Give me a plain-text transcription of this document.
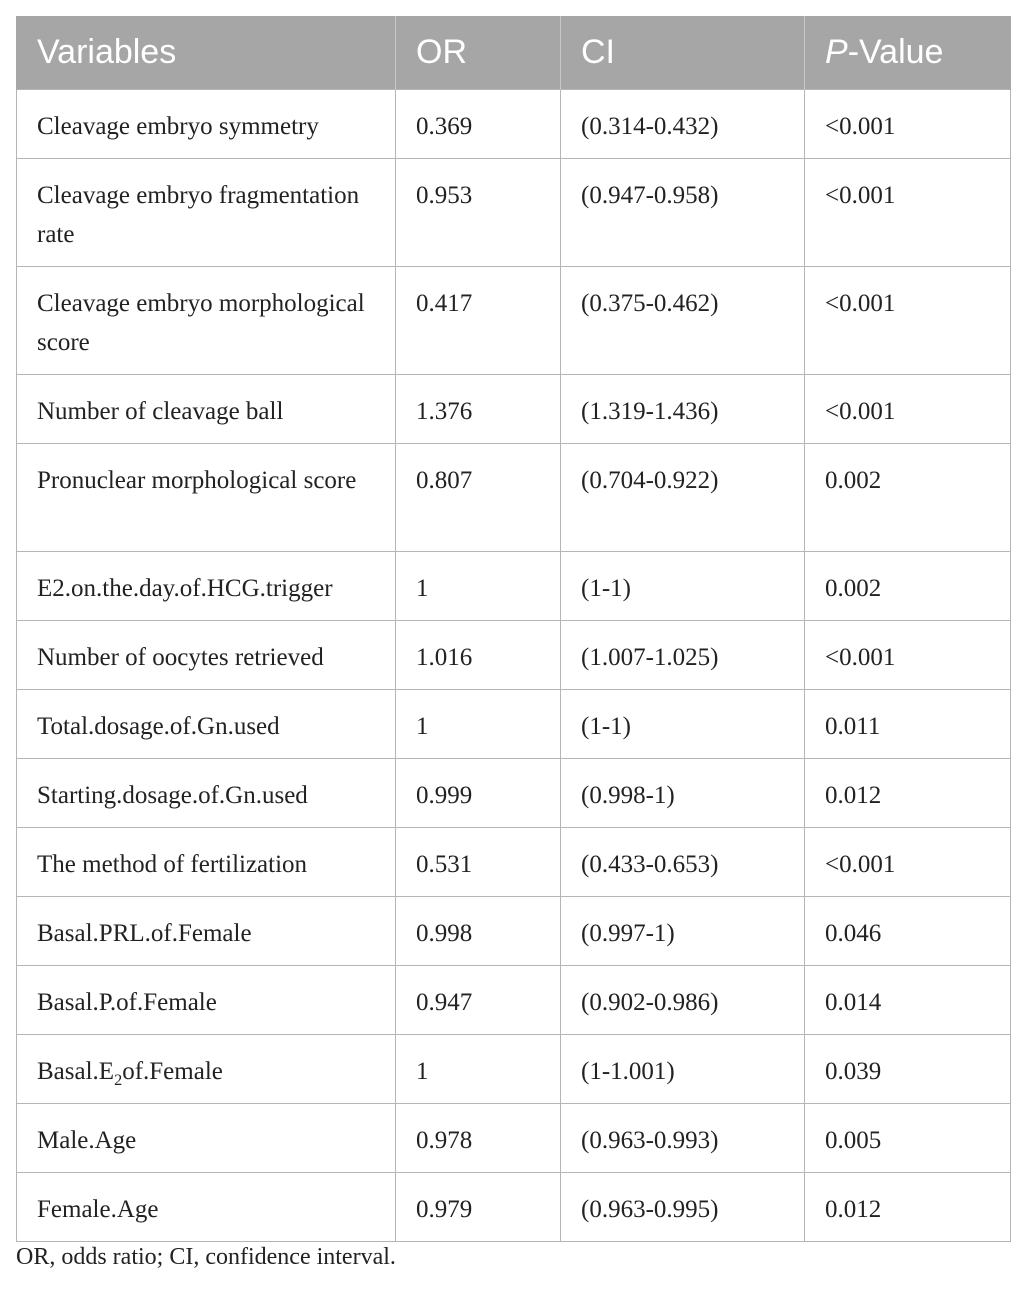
Variables	OR	CI	P-Value
Cleavage embryo symmetry	0.369	(0.314-0.432)	<0.001
Cleavage embryo fragmentation rate	0.953	(0.947-0.958)	<0.001
Cleavage embryo morphological score	0.417	(0.375-0.462)	<0.001
Number of cleavage ball	1.376	(1.319-1.436)	<0.001
Pronuclear morphological score	0.807	(0.704-0.922)	0.002
E2.on.the.day.of.HCG.trigger	1	(1-1)	0.002
Number of oocytes retrieved	1.016	(1.007-1.025)	<0.001
Total.dosage.of.Gn.used	1	(1-1)	0.011
Starting.dosage.of.Gn.used	0.999	(0.998-1)	0.012
The method of fertilization	0.531	(0.433-0.653)	<0.001
Basal.PRL.of.Female	0.998	(0.997-1)	0.046
Basal.P.of.Female	0.947	(0.902-0.986)	0.014
$Basal.E_2of.Female$	1	(1-1.001)	0.039
Male.Age	0.978	(0.963-0.993)	0.005
Female.Age	0.979	(0.963-0.995)	0.012
OR, odds ratio; CI, confidence interval.
